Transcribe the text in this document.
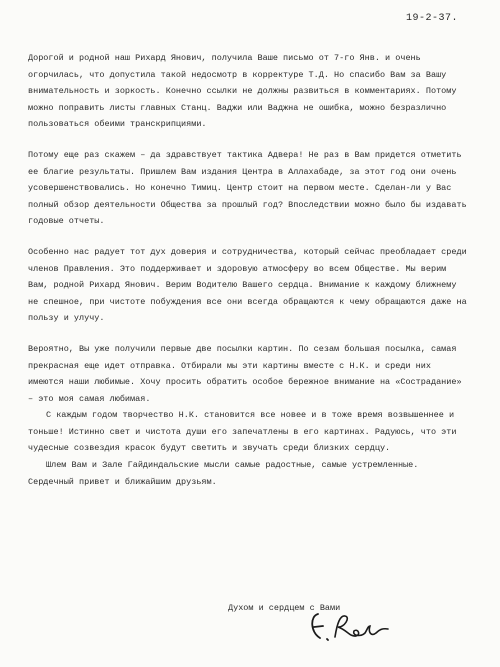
19-2-37.

Дорогой и родной наш Рихард Янович, получила Ваше письмо от 7-го Янв. и очень огорчилась, что допустила такой недосмотр в корректуре Т.Д. Но спасибо Вам за Вашу внимательность и зоркость. Конечно ссылки не должны развиться в комментариях. Потому можно поправить листы главных Станц. Ваджи или Ваджна не ошибка, можно безразлично пользоваться обеими транскрипциями.

Потому еще раз скажем – да здравствует тактика Адвера! Не раз в Вам придется отметить ее благие результаты. Пришлем Вам издания Центра в Аллахабаде, за этот год они очень усовершенствовались. Но конечно Тимиц. Центр стоит на первом месте. Сделан-ли у Вас полный обзор деятельности Общества за прошлый год? Впоследствии можно было бы издавать годовые отчеты.

Особенно нас радует тот дух доверия и сотрудничества, который сейчас преобладает среди членов Правления. Это поддерживает и здоровую атмосферу во всем Обществе. Мы верим Вам, родной Рихард Янович. Верим Водителю Вашего сердца. Внимание к каждому ближнему не спешное, при чистоте побуждения все они всегда обращаются к чему обращаются даже на пользу и улучу.

Вероятно, Вы уже получили первые две посылки картин. По сезам большая посылка, самая прекрасная еще идет отправка. Отбирали мы эти картины вместе с Н.К. и среди них имеются наши любимые. Хочу просить обратить особое бережное внимание на «Сострадание» – это моя самая любимая.

С каждым годом творчество Н.К. становится все новее и в тоже время возвышеннее и тоньше! Истинно свет и чистота души его запечатлены в его картинах. Радуюсь, что эти чудесные созвездия красок будут светить и звучать среди близких сердцу.

Шлем Вам и Зале Гайдиндальские мысли самые радостные, самые устремленные.

Сердечный привет и ближайшим друзьям.

Духом и сердцем с Вами
